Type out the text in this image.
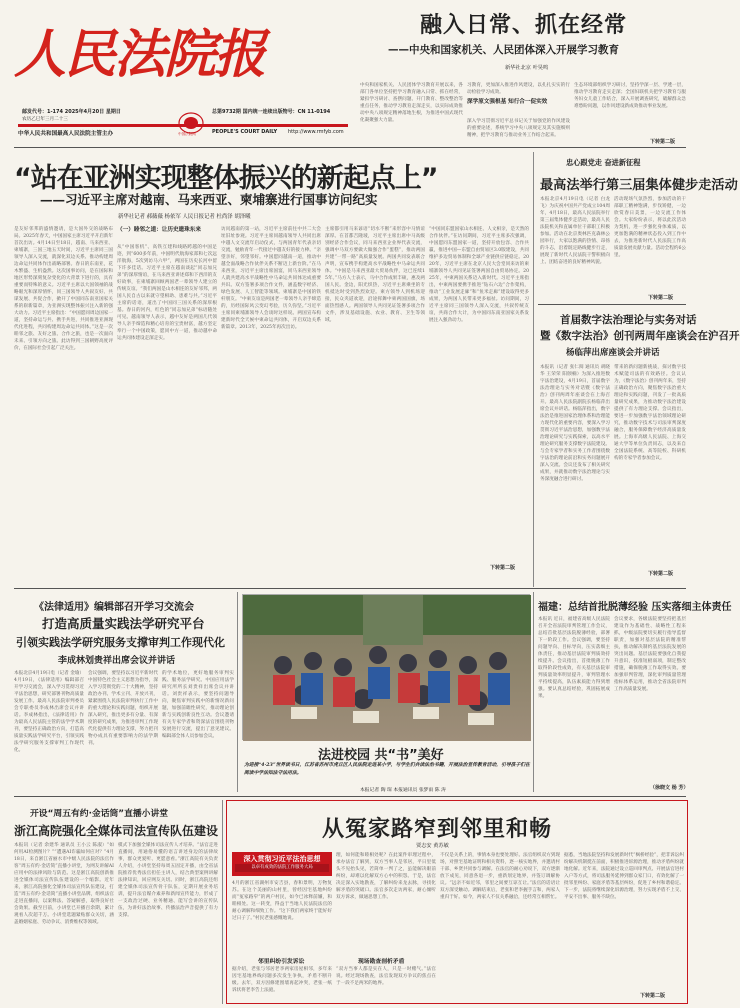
人民法院报
邮发代号：1-174 2025年4月20日 星期日
农历乙巳年三月二十三
总第9732期 国内统一连续出版物号：CN 11-0194
中华人民共和国最高人民法院主管主办	中国法院网	PEOPLE'S COURT DAILY http://www.rmfyb.com
融入日常、抓在经常
——中央和国家机关、人民团体深入开展学习教育
新华社北京 叶昊鸣
中央和国家机关、人民团体学习教育开展以来，各部门各单位坚持把学习教育融入日常、抓在经常，紧扣学习研讨、查摆问题、开门教育、整改整治等重点任务，推动学习教育走深走实，以实际成效推动中央八项规定精神落地生根，为推进中国式现代化凝聚强大力量。
习教育，更加深入推进作风建设，以扎扎实实的行动检验学习成效。
深学原文强根基 知行合一促实效
深入学习贯彻习近平总书记关于加强党的作风建设的重要论述，系统学习中央八项规定及其实施细则精神，把学习教育与推动业务工作结合起来。
生态环境部组织学习研讨，坚持学深一层、学透一层，推动学习教育走实走深；全国妇联机关把学习教育与服务妇女儿童工作结合，深入开展调查研究，破解群众急难愁盼问题，以作风建设新成效推动事业发展。
下转第二版
“站在亚洲实现整体振兴的新起点上”
——习近平主席对越南、马来西亚、柬埔寨进行国事访问纪实
新华社记者 郝薇薇 杨依军 人民日报记者 杜尚泽 胡泽曦
是友好邻邦的盛情邀请，是大国外交的战略布局。2025年春天，中国国家主席习近平开启新年首次出访。4月14日至18日，越南、马来西亚、柬埔寨，三国三地五天时间，习近平主席同三国领导人深入交流，就深化双边关系、推动构建周边命运共同体作出战略部署。春日的东南亚，花木繁盛、生机盎然。这次国事访问，是在国际和地区形势深刻复杂变化的大背景下进行的，具有重要而特殊的意义。习近平主席以大国领袖的战略眼光和深厚情怀，同三国领导人共叙友好、共谋发展、共促合作，掀开了中国同东南亚国家关系的崭新篇章，为亚洲实现整体振兴注入新的强大动力。习近平主席指出：“中国愿同周边国家一道，坚持命运与共、携手共进，共同推进亚洲现代化进程，共同构建周边命运共同体。”这是一次睦邻之旅、友好之旅、合作之旅，也是一次面向未来、引领方向之旅。此访得到三国朝野高度评价，在国际社会引起广泛关注。
（一）睦邻之道：让历史遗珠东来
从“中国客机”、高铁互建和线路跨越的中国足迹，到“600多年前，中国明代航海家郑和七次远洋航海，5次到访马六甲”，两国在历史长河中留下许多佳话。习近平主席在越南谈起“同志加兄弟”的深厚情谊，在马来西亚讲述郑和下西洋的友好故事，在柬埔寨回顾两国老一辈领导人建立的传统友谊。“我们两国是山水相连的友好邻邦，两国人民自古以来就守望相助、患难与共。”习近平主席的话语，道出了中国同三国关系的深厚根基。春日的河内，红色的“同志加兄弟”标语随处可见。越南领导人表示，越中友好是两国几代领导人亲手缔造和精心培育的宝贵财富，越方坚定奉行一个中国政策，愿同中方一道，推动越中命运共同体建设走深走实。
访问越南的第一站，习近平主席前往中共二大会址旧址参观。习近平主席同越南领导人共同出席中越人文交流年启动仪式，与两国青年代表亲切交流，勉励青年一代接过中越友好的接力棒。“亲望亲好，邻望邻好。中国愿同越南一道，推动中越全面战略合作伙伴关系不断迈上新台阶。”在马来西亚，习近平主席出席国宴，同马来西亚领导人就共建高水平战略性中马命运共同体达成重要共识。双方签署多项合作文件，涵盖数字经济、绿色发展、人工智能等领域。柬埔寨是中国的铁杆朋友。“中柬友谊是两国老一辈领导人亲手缔造的，历经国际风云变幻考验，历久弥坚。”习近平主席同柬埔寨领导人会谈时这样说。两国宣布构建新时代全天候中柬命运共同体，开启双边关系新篇章。2013年，2025年再次出访。
主席都引用马来谚语“切水不断”来形容中马情谊深厚。在首都吉隆坡，习近平主席出席中马高级别经济合作会议，同马来西亚企业界代表交流，强调中马双方要做大做强合作“蛋糕”，推动两国共建“一带一路”高质量发展。两国共同发表联合声明，宣布携手构建高水平战略性中马命运共同体。“中国是马来西亚最大贸易伙伴，这已连续15年。”马方人士表示，马中合作成果丰硕，惠及两国人民。金边，阳光炽热，习近平主席乘坐的专机抵达时受到热烈欢迎。柬方领导人到机场迎接，民众夹道欢迎，沿途挥舞中柬两国国旗，场面热烈感人。两国领导人共同见证签署多项合作文件，涉及基础设施、农业、教育、卫生等领域。
“中国同东盟国家山水相连、人文相亲，是天然的合作伙伴。”在访问期间，习近平主席多次强调，中国愿同东盟国家一道，坚持开放包容、合作共赢，推进中国—东盟自由贸易区3.0版建设，共同维护多边贸易体制和全球产业链供应链稳定。2020年，习近平主席在北京人民大会堂同来访的柬埔寨领导人共同见证签署两国自由贸易协定。2025年，中柬两国关系迈入新时代。习近平主席指出，中柬两国要携手推进“钻石六边”合作架构，推动“工业发展走廊”和“鱼米走廊”建设取得更多成果，为两国人民带来更多福祉。访问期间，习近平主席同三国领导人深入交流，共叙传统友谊，共商合作大计，为中国同东南亚国家关系发展注入强劲动力。
下转第二版
忠心跟党走 奋进新征程
最高法举行第三届集体健步走活动
本报北京4月19日电（记者 白龙飞）为庆祝中国共产党成立104周年，4月18日，最高人民法院举行第三届集体健步走活动，最高人民法院机关和直属单位干部职工积极参加。活动在北京奥林匹克森林公园举行，大家以饱满的热情、昂扬的斗志，沿着既定路线健步行走，展现了新时代人民法院干警积极向上、团结奋进的良好精神风貌。
活动现场气氛热烈，参加活动的干部职工精神饱满，步伐矫健，一边欣赏春日美景，一边交流工作体会。大家纷纷表示，将以此次活动为契机，进一步强化身体素质，以更加饱满的精神状态投入到工作中去，为推进新时代人民法院工作高质量发展贡献力量。活动全程约6公里。
下转第二版
首届数字法治理论与实务对话
暨《数字法治》创刊两周年座谈会在沪召开
杨临萍出席座谈会并讲话
本报讯（记者 张仁阅 通讯员 胡晓华 王荣荣 阳颀楠）为深入推进数字法治建设，4月19日，首届数字法治理论与实务对话暨《数字法治》创刊两周年座谈会在上海召开。最高人民法院副院长杨临萍出席会议并讲话。杨临萍指出，数字法治是推进国家治理体系和治理能力现代化的重要内容，要深入学习贯彻习近平法治思想，加强数字法治理论研究与实践探索，以高水平理论研究服务支撑数字法院建设。与会专家学者和实务工作者围绕数字法治的理论前沿和实务问题展开深入交流。会议还发布了相关研究成果，并就推动数字法治理论与实务深度融合进行研讨。
带来的新问题新挑战，探讨数字技术赋能司法的有效路径。会议认为，《数字法治》创刊两年来，坚持正确政治方向，聚焦数字法治重大理论和实践问题，刊发了一批高质量研究成果，为推动数字法治建设提供了有力理论支撑。会议指出，要进一步加强数字法治领域理论研究，推动数字技术与司法审判深度融合，服务保障数字经济高质量发展。上海市高级人民法院、上海交通大学等单位负责同志，以及来自全国法院系统、高等院校、科研机构的专家学者参加会议。
下转第二版
《法律适用》编辑部召开学习交流会
打造高质量实践法学研究平台
引领实践法学研究服务支撑审判工作现代化
李成林划贵祥出席会议并讲话
本报北京4月19日电（记者 金瑜）4月19日，《法律适用》编辑部召开学习交流会，深入学习贯彻习近平法治思想，研究部署刊物高质量发展工作。最高人民法院审判委员会专职委员李成林出席会议并讲话。李成林指出，《法律适用》作为最高人民法院主管的法学学术期刊，要坚持正确政治方向，打造高质量实践法学研究平台，引领实践法学研究服务支撑审判工作现代化。
会议强调，要坚持以习近平新时代中国特色社会主义思想为指导，深入学习贯彻党的二十大精神，坚持政治办刊、学术立刊、开放兴刊，紧紧围绕人民法院审判执行工作中的重大理论和实践问题，组织开展深入研究，推出更多有分量、有深度的研究成果，为推进审判工作现代化提供有力理论支撑，努力把刊物办成具有重要影响力的法学期刊。
的学术地位，更好地服务审判实践、服务法学研究。中国应用法学研究所所长刘贵祥出席会议并讲话。刘贵祥表示，要坚持问题导向，聚焦审判实践中的新情况新问题，加强前瞻性研究，推动理论创新与实践创新良性互动。会议邀请有关专家学者和资深法官围绕刊物发展进行交流，提出了意见建议。编辑部全体人员参加会议。
法进校园 共“书”美好
为迎接“4·23”世界读书日，江苏省苏州市虎丘区人民法院走进某小学，与学生们共读法治书籍，开展法治宣传教育活动，引导孩子们在阅读中学法知法守法用法。
本报记者 陶 琛 本报通讯员 张梦雨 陈 涛
福建：总结首批脱薄经验 压实落细主体责任
本报讯 近日，福建省高级人民法院召开全省法院审判管理工作会议，总结首批基层法院脱薄经验，部署下一阶段工作。会议强调，要坚持问题导向、目标导向，压实落细主体责任，推动基层法院审判质效持续提升。会议指出，首批脱薄工作取得阶段性成效，有关基层法院审判质量效率明显提升，审判管理水平持续提高，队伍素质能力得到增强。要认真总结经验，巩固拓展成果。
会议要求，各级法院要坚持把基层建设作为基础性、战略性工程来抓，中级法院要切实履行指导监督职责，加强对基层法院的精准帮扶，推动解决制约基层法院发展的突出问题。基层法院要强化自我提升意识，找准短板弱项，制定整改措施，确保脱薄工作取得实效。要加强审判管理，深化审判质量管理指标体系运用，推动全省法院审判工作高质量发展。
（徐晓文 杨 芳）
开设“周五有约·金话筒”直播小讲堂
浙江高院强化全媒体司法宣传队伍建设
本报讯（记者 余建华 通讯员 王小云 陈淑）“如何用AI检测图片？”“遭遇AI诈骗如何应对？”4月18日，来自浙江省丽水市中级人民法院的法官作客“周五有约·金话筒”直播小讲堂，为网友讲解AI应用中的法律风险与防范。这是浙江高院创新推进全媒体司法宣传队伍建设的一个缩影。近年来，浙江高院强化全媒体司法宣传队伍建设，打造“周五有约·金话筒”直播小讲堂品牌，组织法官走进直播间，以案释法、答疑解惑，取得良好社会效果。截至目前，小讲堂已开播百余期，累计观看人次超千万。小讲堂选题紧贴群众关切，涵盖婚姻家庭、劳动争议、消费维权等领域。
模式下加强全媒体司法宣传人才培养。“法官走进直播间，用通俗易懂的语言讲述身边的法律故事，群众更爱听、更愿意看。”浙江高院有关负责人介绍，小讲堂坚持每周五固定开播，由全省法院推荐优秀法官担任主讲人，结合典型案例讲解法律知识，回应网友关切。同时，浙江高院还组建全媒体司法宣传骨干队伍，定期开展业务培训，提升法官媒介素养和新闻宣传能力，形成了一支政治过硬、业务精通、能写会讲的宣传队伍，为讲好法治故事、传播法治声音提供了有力支撑。
从冤家路窄到邻里和畅
贾志安 黄苏敏
深入贯彻习近平法治思想
以卓有成效的法院工作服务大局
4月的浙江省湖州市安吉县，春和景明，万物复苏。在这个美丽的山村里，曾经因宅基地纠纷而“冤家路窄”的两户村民，如今已冰释前嫌，和睦相处。这一转变，得益于当地人民法院法官的耐心调解和细致工作。“这下我们两家终于能好好过日子了。”村民老张感慨地说。
邻里纠纷引发诉讼
据介绍，老张与邻居老李两家房屋相邻，多年来因宅基地界线问题多次发生争执，矛盾不断升级。去年，双方因修建围墙再起冲突，老张一纸诉状将老李告上法庭。
理，如何能和睦相处呢？在此案件审理过程中，承办法官了解到，双方当事人是邻居，平日里低头不见抬头见，若简单一判了之，虽能解决眼前纠纷，却难以化解双方心中的积怨。于是，法官决定深入实地勘查，了解纠纷来龙去脉，寻找化解矛盾的突破口。法官多次走访两家，耐心倾听双方诉求，做通思想工作。
现场勘查剖析矛盾
“双方当事人都是实在人，只是一时赌气。”法官说。经过现场勘查，法官发现双方争议的焦点在于一段不足两米的地界。
不仅是关系上的，事情本身也要处理好。法官组织双方到现场，对照宅基地证明和相关资料，逐一核实地界，并邀请村干部、乡贤共同参与调解。在法官的耐心劝说下，双方逐渐放下成见，同意各退一步，重新划定地界，并签订调解协议。“远亲不如近邻，邻里之间要互谅互让。”法官的话语让双方深受触动。调解结束后，老张和老李握手言和，两家人重归于好。如今，两家人不仅关系融洽，还经常互相帮忙。
据悉，当地法院坚持和发展新时代“枫桥经验”，把非诉讼纠纷解决机制挺在前面，积极推进诉源治理，推动矛盾纠纷就地化解。近年来，法院通过设立巡回审判点、开展法官进村入户等方式，将司法服务延伸到群众家门口，有效化解了一批邻里纠纷、家庭矛盾等基层纠纷，促进了乡村和谐稳定。下一步，法院将继续深化诉源治理，努力实现矛盾不上交、平安不出事、服务不缺位。
下转第二版
